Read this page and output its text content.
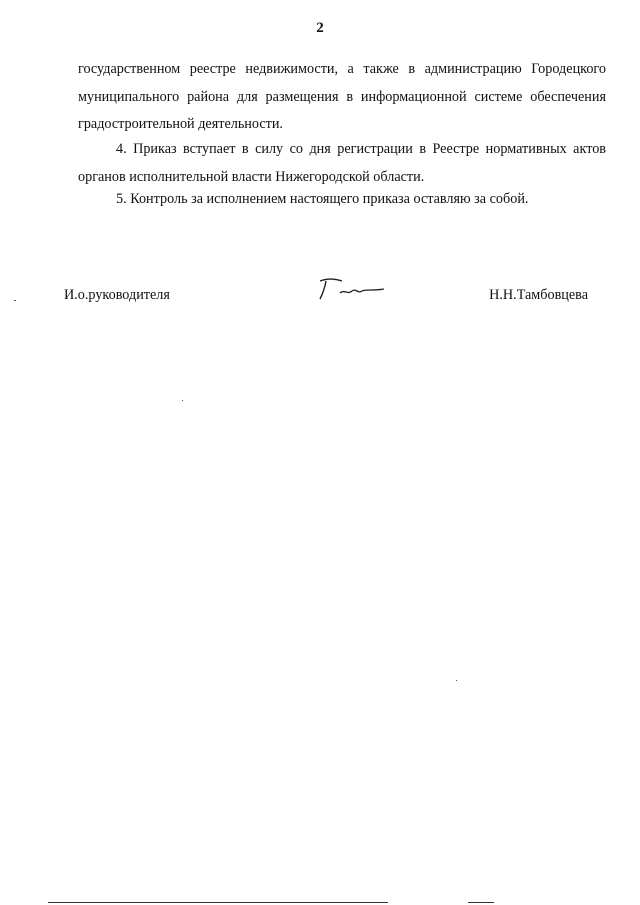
2

государственном реестре недвижимости, а также в администрацию Городецкого муниципального района для размещения в информационной системе обеспечения градостроительной деятельности.

4. Приказ вступает в силу со дня регистрации в Реестре нормативных актов органов исполнительной власти Нижегородской области.

5. Контроль за исполнением настоящего приказа оставляю за собой.

И.о.руководителя	Н.Н.Тамбовцева
